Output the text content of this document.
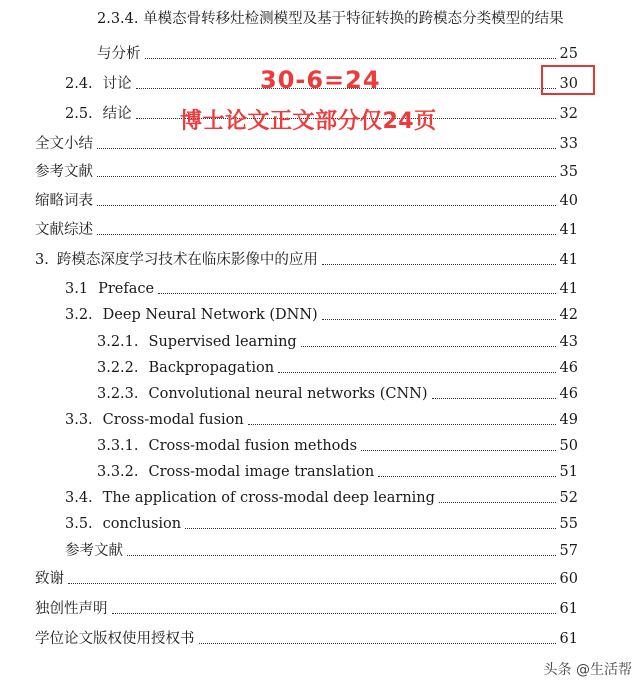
2.3.4. 单模态骨转移灶检测模型及基于特征转换的跨模态分类模型的结果
与分析	25
2.4. 讨论	30
2.5. 结论	32
全文小结	33
参考文献	35
缩略词表	40
文献综述	41
3. 跨模态深度学习技术在临床影像中的应用	41
3.1 Preface	41
3.2. Deep Neural Network (DNN)	42
3.2.1. Supervised learning	43
3.2.2. Backpropagation	46
3.2.3. Convolutional neural networks (CNN)	46
3.3. Cross-modal fusion	49
3.3.1. Cross-modal fusion methods	50
3.3.2. Cross-modal image translation	51
3.4. The application of cross-modal deep learning	52
3.5. conclusion	55
参考文献	57
致谢	60
独创性声明	61
学位论文版权使用授权书	61
30-6=24
博士论文正文部分仅24页
头条 @生活帮
